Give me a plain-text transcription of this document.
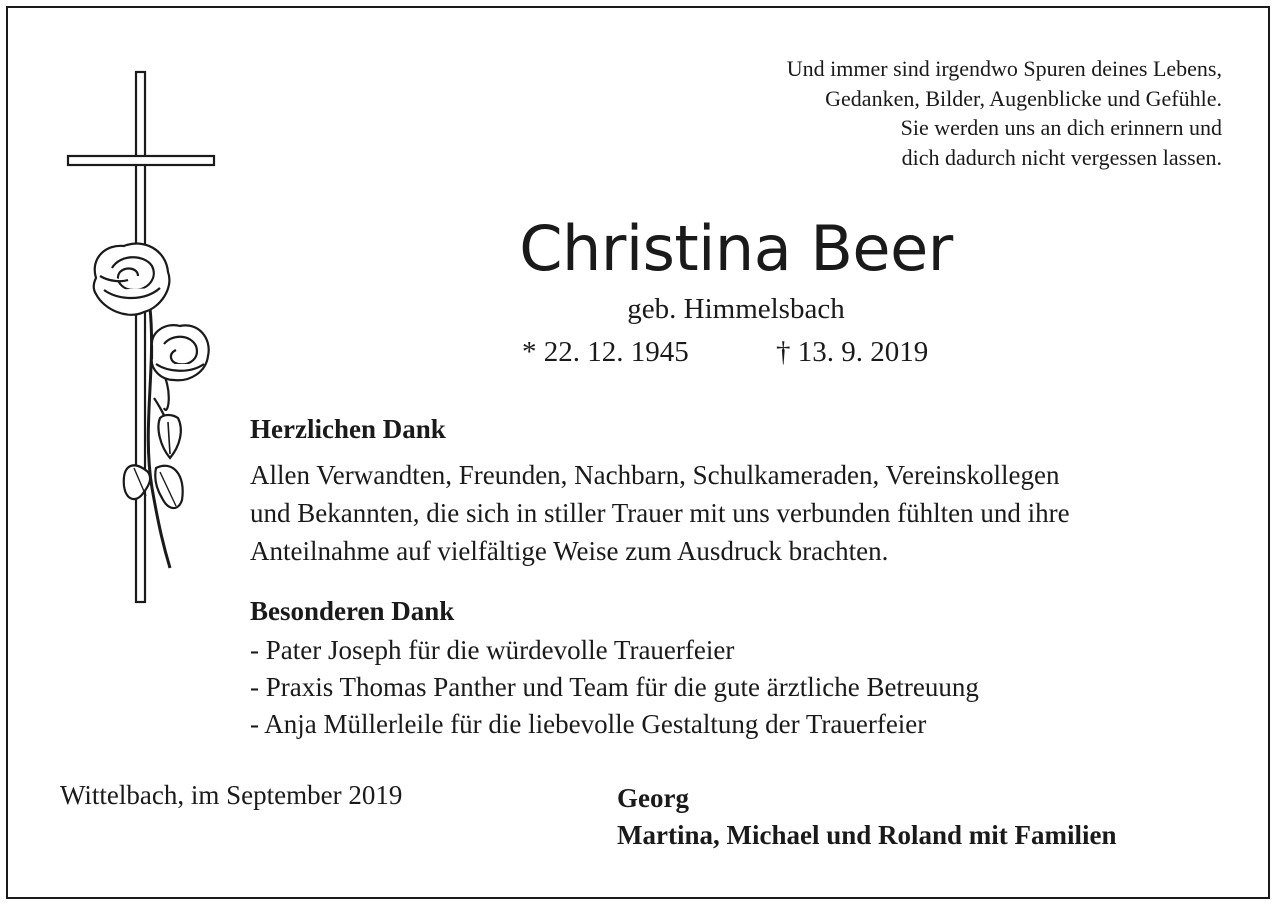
Und immer sind irgendwo Spuren deines Lebens,
Gedanken, Bilder, Augenblicke und Gefühle.
Sie werden uns an dich erinnern und
dich dadurch nicht vergessen lassen.
Christina Beer
geb. Himmelsbach
* 22. 12. 1945	† 13. 9. 2019
Herzlichen Dank
Allen Verwandten, Freunden, Nachbarn, Schulkameraden, Vereinskollegen
und Bekannten, die sich in stiller Trauer mit uns verbunden fühlten und ihre
Anteilnahme auf vielfältige Weise zum Ausdruck brachten.
Besonderen Dank
- Pater Joseph für die würdevolle Trauerfeier
- Praxis Thomas Panther und Team für die gute ärztliche Betreuung
- Anja Müllerleile für die liebevolle Gestaltung der Trauerfeier
Wittelbach, im September 2019	Georg
Martina, Michael und Roland mit Familien
